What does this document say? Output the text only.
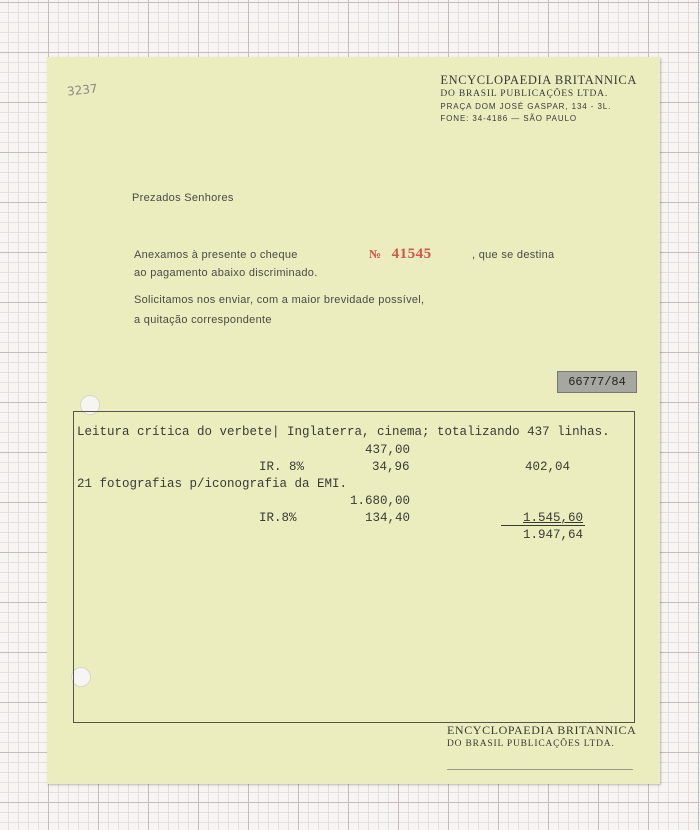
3237
ENCYCLOPAEDIA BRITANNICA
DO BRASIL PUBLICAÇÕES LTDA.
PRAÇA DOM JOSÉ GASPAR, 134 - 3L.
FONE: 34-4186 — SÃO PAULO
Prezados Senhores
Anexamos à presente o cheque	№ 41545	, que se destina
ao pagamento abaixo discriminado.
Solicitamos nos enviar, com a maior brevidade possível,
a quitação correspondente
66777/84
Leitura crítica do verbete| Inglaterra, cinema; totalizando 437 linhas.
437,00
IR. 8%	34,96	402,04
21 fotografias p/iconografia da EMI.
1.680,00
IR.8%	134,40	1.545,60
1.947,64
ENCYCLOPAEDIA BRITANNICA
DO BRASIL PUBLICAÇÕES LTDA.
